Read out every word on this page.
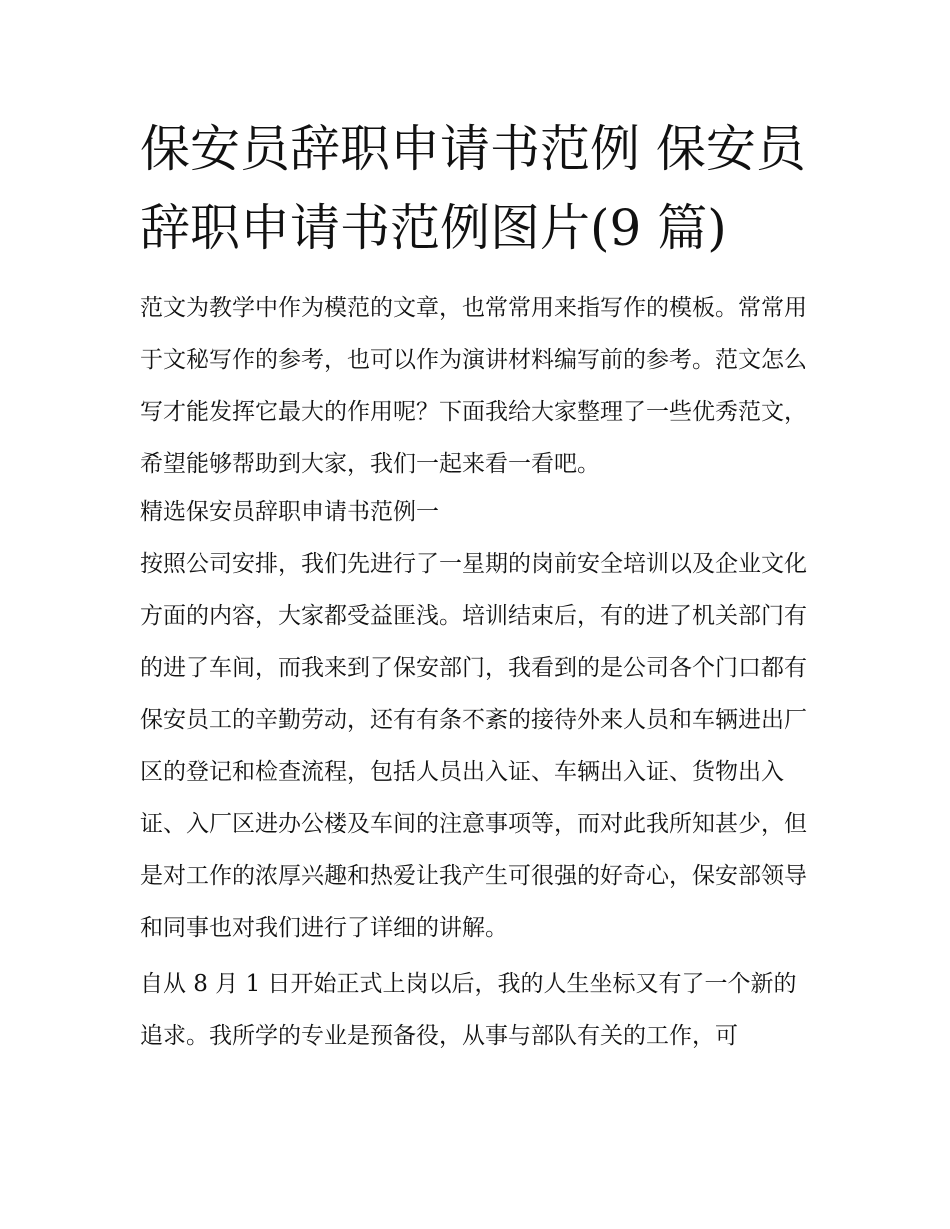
保安员辞职申请书范例 保安员
辞职申请书范例图片(9 篇)

范文为教学中作为模范的文章，也常常用来指写作的模板。常常用于文秘写作的参考，也可以作为演讲材料编写前的参考。范文怎么写才能发挥它最大的作用呢？下面我给大家整理了一些优秀范文，希望能够帮助到大家，我们一起来看一看吧。

精选保安员辞职申请书范例一

按照公司安排，我们先进行了一星期的岗前安全培训以及企业文化方面的内容，大家都受益匪浅。培训结束后，有的进了机关部门有的进了车间，而我来到了保安部门，我看到的是公司各个门口都有保安员工的辛勤劳动，还有有条不紊的接待外来人员和车辆进出厂区的登记和检查流程，包括人员出入证、车辆出入证、货物出入证、入厂区进办公楼及车间的注意事项等，而对此我所知甚少，但是对工作的浓厚兴趣和热爱让我产生可很强的好奇心，保安部领导和同事也对我们进行了详细的讲解。

自从 8 月 1 日开始正式上岗以后，我的人生坐标又有了一个新的追求。我所学的专业是预备役，从事与部队有关的工作，可
